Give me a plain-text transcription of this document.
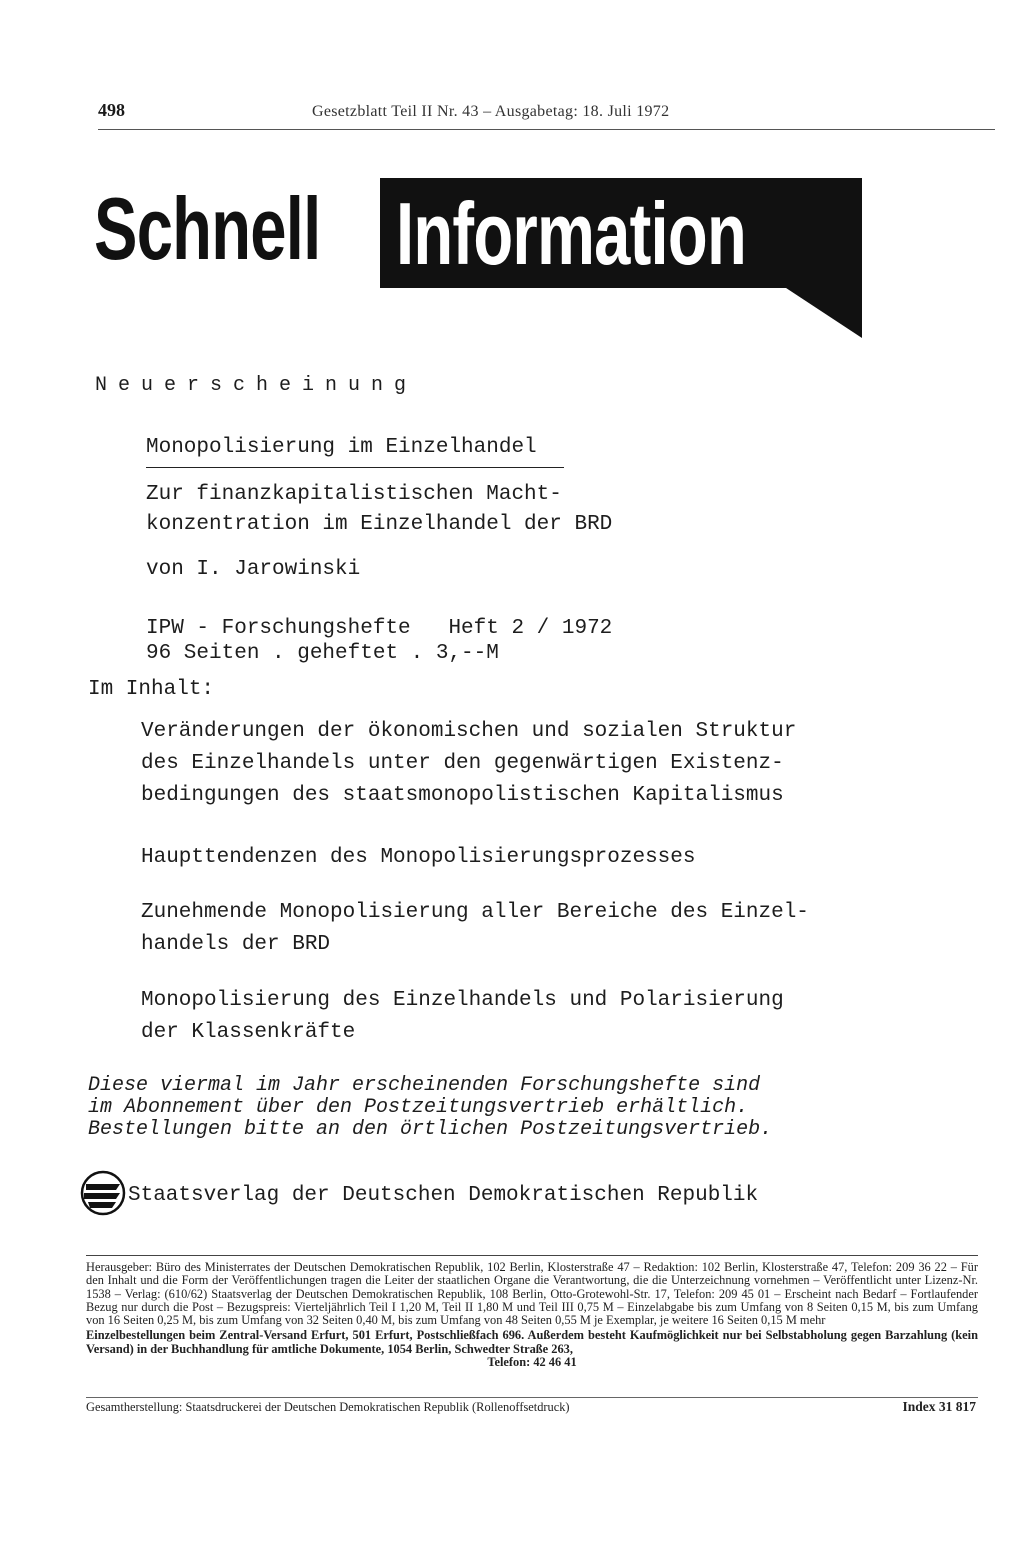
498	Gesetzblatt Teil II Nr. 43 – Ausgabetag: 18. Juli 1972
Schnell Information
Neuerscheinung
Monopolisierung im Einzelhandel
Zur finanzkapitalistischen Macht-
konzentration im Einzelhandel der BRD
von I. Jarowinski
IPW - Forschungshefte   Heft 2 / 1972
96 Seiten . geheftet . 3,--M
Im Inhalt:
Veränderungen der ökonomischen und sozialen Struktur
des Einzelhandels unter den gegenwärtigen Existenz-
bedingungen des staatsmonopolistischen Kapitalismus
Haupttendenzen des Monopolisierungsprozesses
Zunehmende Monopolisierung aller Bereiche des Einzel-
handels der BRD
Monopolisierung des Einzelhandels und Polarisierung
der Klassenkräfte
Diese viermal im Jahr erscheinenden Forschungshefte sind
im Abonnement über den Postzeitungsvertrieb erhältlich.
Bestellungen bitte an den örtlichen Postzeitungsvertrieb.
Staatsverlag der Deutschen Demokratischen Republik

Herausgeber: Büro des Ministerrates der Deutschen Demokratischen Republik, 102 Berlin, Klosterstraße 47 – Redaktion: 102 Berlin, Klosterstraße 47, Telefon: 209 36 22 – Für den Inhalt und die Form der Veröffentlichungen tragen die Leiter der staatlichen Organe die Verantwortung, die die Unterzeichnung vornehmen – Veröffentlicht unter Lizenz-Nr. 1538 – Verlag: (610/62) Staatsverlag der Deutschen Demokratischen Republik, 108 Berlin, Otto-Grotewohl-Str. 17, Telefon: 209 45 01 – Erscheint nach Bedarf – Fortlaufender Bezug nur durch die Post – Bezugspreis: Vierteljährlich Teil I 1,20 M, Teil II 1,80 M und Teil III 0,75 M – Einzelabgabe bis zum Umfang von 8 Seiten 0,15 M, bis zum Umfang von 16 Seiten 0,25 M, bis zum Umfang von 32 Seiten 0,40 M, bis zum Umfang von 48 Seiten 0,55 M je Exemplar, je weitere 16 Seiten 0,15 M mehr

Einzelbestellungen beim Zentral-Versand Erfurt, 501 Erfurt, Postschließfach 696. Außerdem besteht Kaufmöglichkeit nur bei Selbstabholung gegen Barzahlung (kein Versand) in der Buchhandlung für amtliche Dokumente, 1054 Berlin, Schwedter Straße 263,

Telefon: 42 46 41

Gesamtherstellung: Staatsdruckerei der Deutschen Demokratischen Republik (Rollenoffsetdruck)	Index 31 817
